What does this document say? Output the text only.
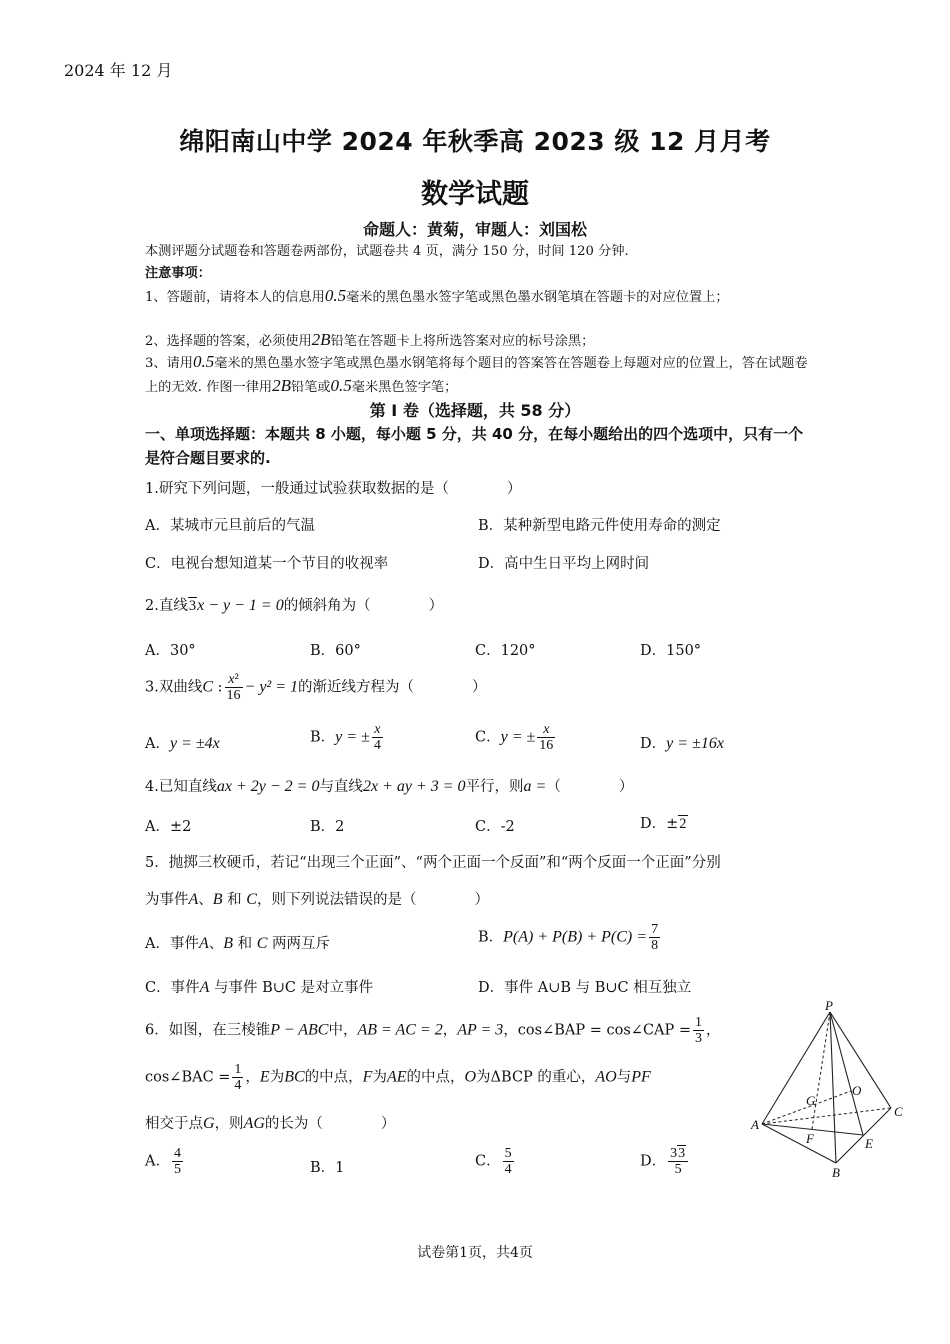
2024 年 12 月
绵阳南山中学 2024 年秋季高 2023 级 12 月月考
数学试题
命题人：黄菊，审题人：刘国松
本测评题分试题卷和答题卷两部份，试题卷共 4 页，满分 150 分，时间 120 分钟.
注意事项：
1、答题前，请将本人的信息用0.5毫米的黑色墨水签字笔或黑色墨水钢笔填在答题卡的对应位置上；
2、选择题的答案，必须使用2B铅笔在答题卡上将所选答案对应的标号涂黑；
3、请用0.5毫米的黑色墨水签字笔或黑色墨水钢笔将每个题目的答案答在答题卷上每题对应的位置上，答在试题卷上的无效. 作图一律用2B铅笔或0.5毫米黑色签字笔；
第 I 卷（选择题，共 58 分）
一、单项选择题：本题共 8 小题，每小题 5 分，共 40 分，在每小题给出的四个选项中，只有一个是符合题目要求的.
1.研究下列问题，一般通过试验获取数据的是（　　　　）
A．某城市元旦前后的气温	B．某种新型电路元件使用寿命的测定
C．电视台想知道某一个节目的收视率	D．高中生日平均上网时间
2.直线3x − y − 1 = 0的倾斜角为（　　　　）
A．30°	B．60°	C．120°	D．150°
3.双曲线C : $\frac{\text{x²}}{16} - y^2 = 1$的渐近线方程为（　　　　）
A．y = ±4x	B．y = ± $\frac{x}{4}$	C．y = ± $\frac{x}{16}$	D．y = ±16x
4.已知直线ax + 2y − 2 = 0与直线2x + ay + 3 = 0平行，则a =（　　　　）
A．±2	B．2	C．-2	D．±2
5．抛掷三枚硬币，若记“出现三个正面”、“两个正面一个反面”和“两个反面一个正面”分别
为事件A、B 和 C，则下列说法错误的是（　　　　）
A．事件A、B 和 C 两两互斥	B．$P(A) + P(B) + P(C) = \frac{7}{8}$
C．事件A 与事件 B∪C 是对立事件	D．事件 A∪B 与 B∪C 相互独立
6．如图，在三棱锥P − ABC中，AB = AC = 2，AP = 3，cos∠BAP = cos∠CAP = $\frac{1}{3}$ ，
cos∠BAC = $\frac{1}{4}$ ，E为BC的中点，F为AE的中点，O为ΔBCP 的重心，AO与PF
相交于点G，则AG的长为（　　　　）
A． $\frac{4}{5}$	B．1	C． $\frac{5}{4}$	D． $\frac{33}{5}$
P
A
B
C
E
F
G
O
试卷第1页，共4页
